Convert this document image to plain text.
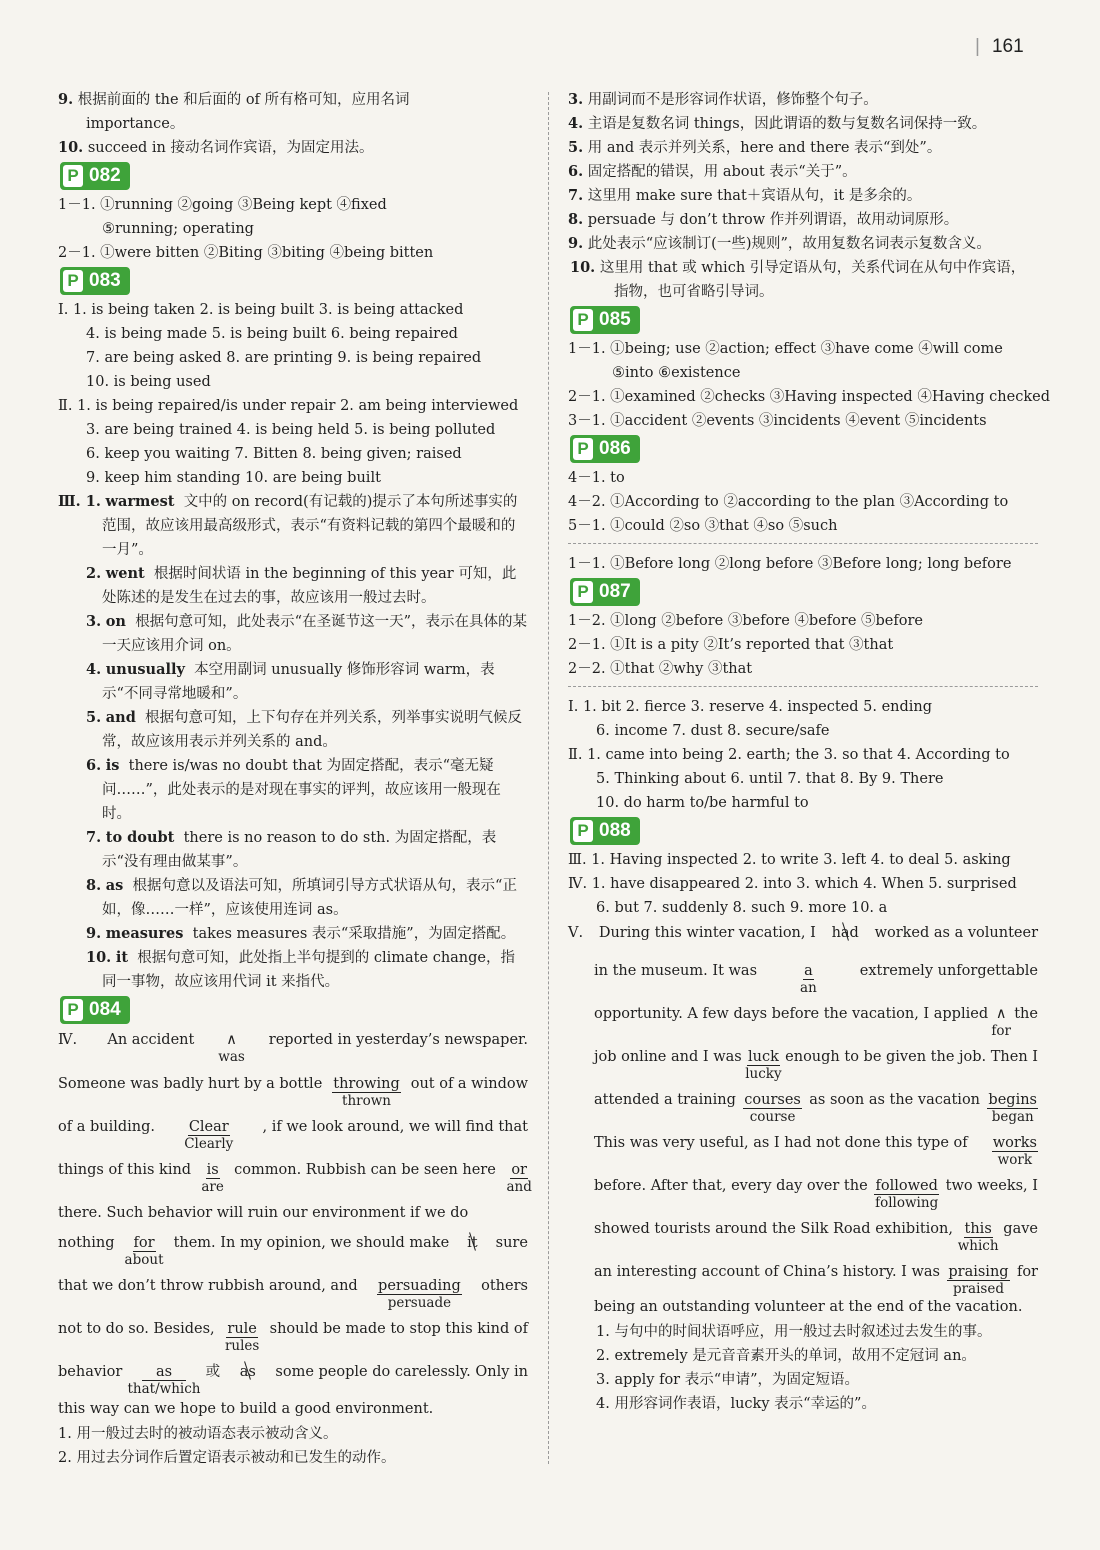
| 161
9. 根据前面的 the 和后面的 of 所有格可知，应用名词
importance。
10. succeed in 接动名词作宾语，为固定用法。
P 082
1－1. ①running ②going ③Being kept ④fixed
⑤running; operating
2－1. ①were bitten ②Biting ③biting ④being bitten
P 083
Ⅰ. 1. is being taken 2. is being built 3. is being attacked
4. is being made 5. is being built 6. being repaired
7. are being asked 8. are printing 9. is being repaired
10. is being used
Ⅱ. 1. is being repaired/is under repair 2. am being interviewed
3. are being trained 4. is being held 5. is being polluted
6. keep you waiting 7. Bitten 8. being given; raised
9. keep him standing 10. are being built
Ⅲ. 1. warmest 文中的 on record(有记载的)提示了本句所述事实的范围，故应该用最高级形式，表示“有资料记载的第四个最暖和的一月”。
2. went 根据时间状语 in the beginning of this year 可知，此处陈述的是发生在过去的事，故应该用一般过去时。
3. on 根据句意可知，此处表示“在圣诞节这一天”，表示在具体的某一天应该用介词 on。
4. unusually 本空用副词 unusually 修饰形容词 warm，表示“不同寻常地暖和”。
5. and 根据句意可知，上下句存在并列关系，列举事实说明气候反常，故应该用表示并列关系的 and。
6. is there is/was no doubt that 为固定搭配，表示“毫无疑问……”，此处表示的是对现在事实的评判，故应该用一般现在时。
7. to doubt there is no reason to do sth. 为固定搭配，表示“没有理由做某事”。
8. as 根据句意以及语法可知，所填词引导方式状语从句，表示“正如，像……一样”，应该使用连词 as。
9. measures takes measures 表示“采取措施”，为固定搭配。
10. it 根据句意可知，此处指上半句提到的 climate change，指同一事物，故应该用代词 it 来指代。
P 084
Ⅳ. An accident ∧
was
reported in yesterday’s newspaper.
Someone was badly hurt by a bottle throwing
thrown
out of a window
of a building. Clear
Clearly
, if we look around, we will find that
things of this kind is
are
common. Rubbish can be seen here or
and
there. Such behavior will ruin our environment if we do
nothing for
about
them. In my opinion, we should make it sure
that we don’t throw rubbish around, and persuading
persuade
others
not to do so. Besides, rule
rules
should be made to stop this kind of
behavior	as
that/which
或 as some people do carelessly. Only in
this way can we hope to build a good environment.
1. 用一般过去时的被动语态表示被动含义。
2. 用过去分词作后置定语表示被动和已发生的动作。
3. 用副词而不是形容词作状语，修饰整个句子。
4. 主语是复数名词 things，因此谓语的数与复数名词保持一致。
5. 用 and 表示并列关系，here and there 表示“到处”。
6. 固定搭配的错误，用 about 表示“关于”。
7. 这里用 make sure that＋宾语从句，it 是多余的。
8. persuade 与 don’t throw 作并列谓语，故用动词原形。
9. 此处表示“应该制订(一些)规则”，故用复数名词表示复数含义。
10. 这里用 that 或 which 引导定语从句，关系代词在从句中作宾语，指物，也可省略引导词。
P 085
1－1. ①being; use ②action; effect ③have come ④will come
⑤into ⑥existence
2－1. ①examined ②checks ③Having inspected ④Having checked
3－1. ①accident ②events ③incidents ④event ⑤incidents
P 086
4－1. to
4－2. ①According to ②according to the plan ③According to
5－1. ①could ②so ③that ④so ⑤such
1－1. ①Before long ②long before ③Before long; long before
P 087
1－2. ①long ②before ③before ④before ⑤before
2－1. ①It is a pity ②It’s reported that ③that
2－2. ①that ②why ③that
Ⅰ. 1. bit 2. fierce 3. reserve 4. inspected 5. ending
6. income 7. dust 8. secure/safe
Ⅱ. 1. came into being 2. earth; the 3. so that 4. According to
5. Thinking about 6. until 7. that 8. By 9. There
10. do harm to/be harmful to
P 088
Ⅲ. 1. Having inspected 2. to write 3. left 4. to deal 5. asking
Ⅳ. 1. have disappeared 2. into 3. which 4. When 5. surprised
6. but 7. suddenly 8. such 9. more 10. a
Ⅴ. During this winter vacation, I had worked as a volunteer
in the museum. It was	a
an
extremely unforgettable
opportunity. A few days before the vacation, I applied ∧
for
the
job online and I was luck
lucky
enough to be given the job. Then I
attended a training courses
course
as soon as the vacation begins
began
This was very useful, as I had not done this type of works
work
before. After that, every day over the followed
following
two weeks, I
showed tourists around the Silk Road exhibition, this
which
gave
an interesting account of China’s history. I was praising
praised
for
being an outstanding volunteer at the end of the vacation.
1. 与句中的时间状语呼应，用一般过去时叙述过去发生的事。
2. extremely 是元音音素开头的单词，故用不定冠词 an。
3. apply for 表示“申请”，为固定短语。
4. 用形容词作表语，lucky 表示“幸运的”。
